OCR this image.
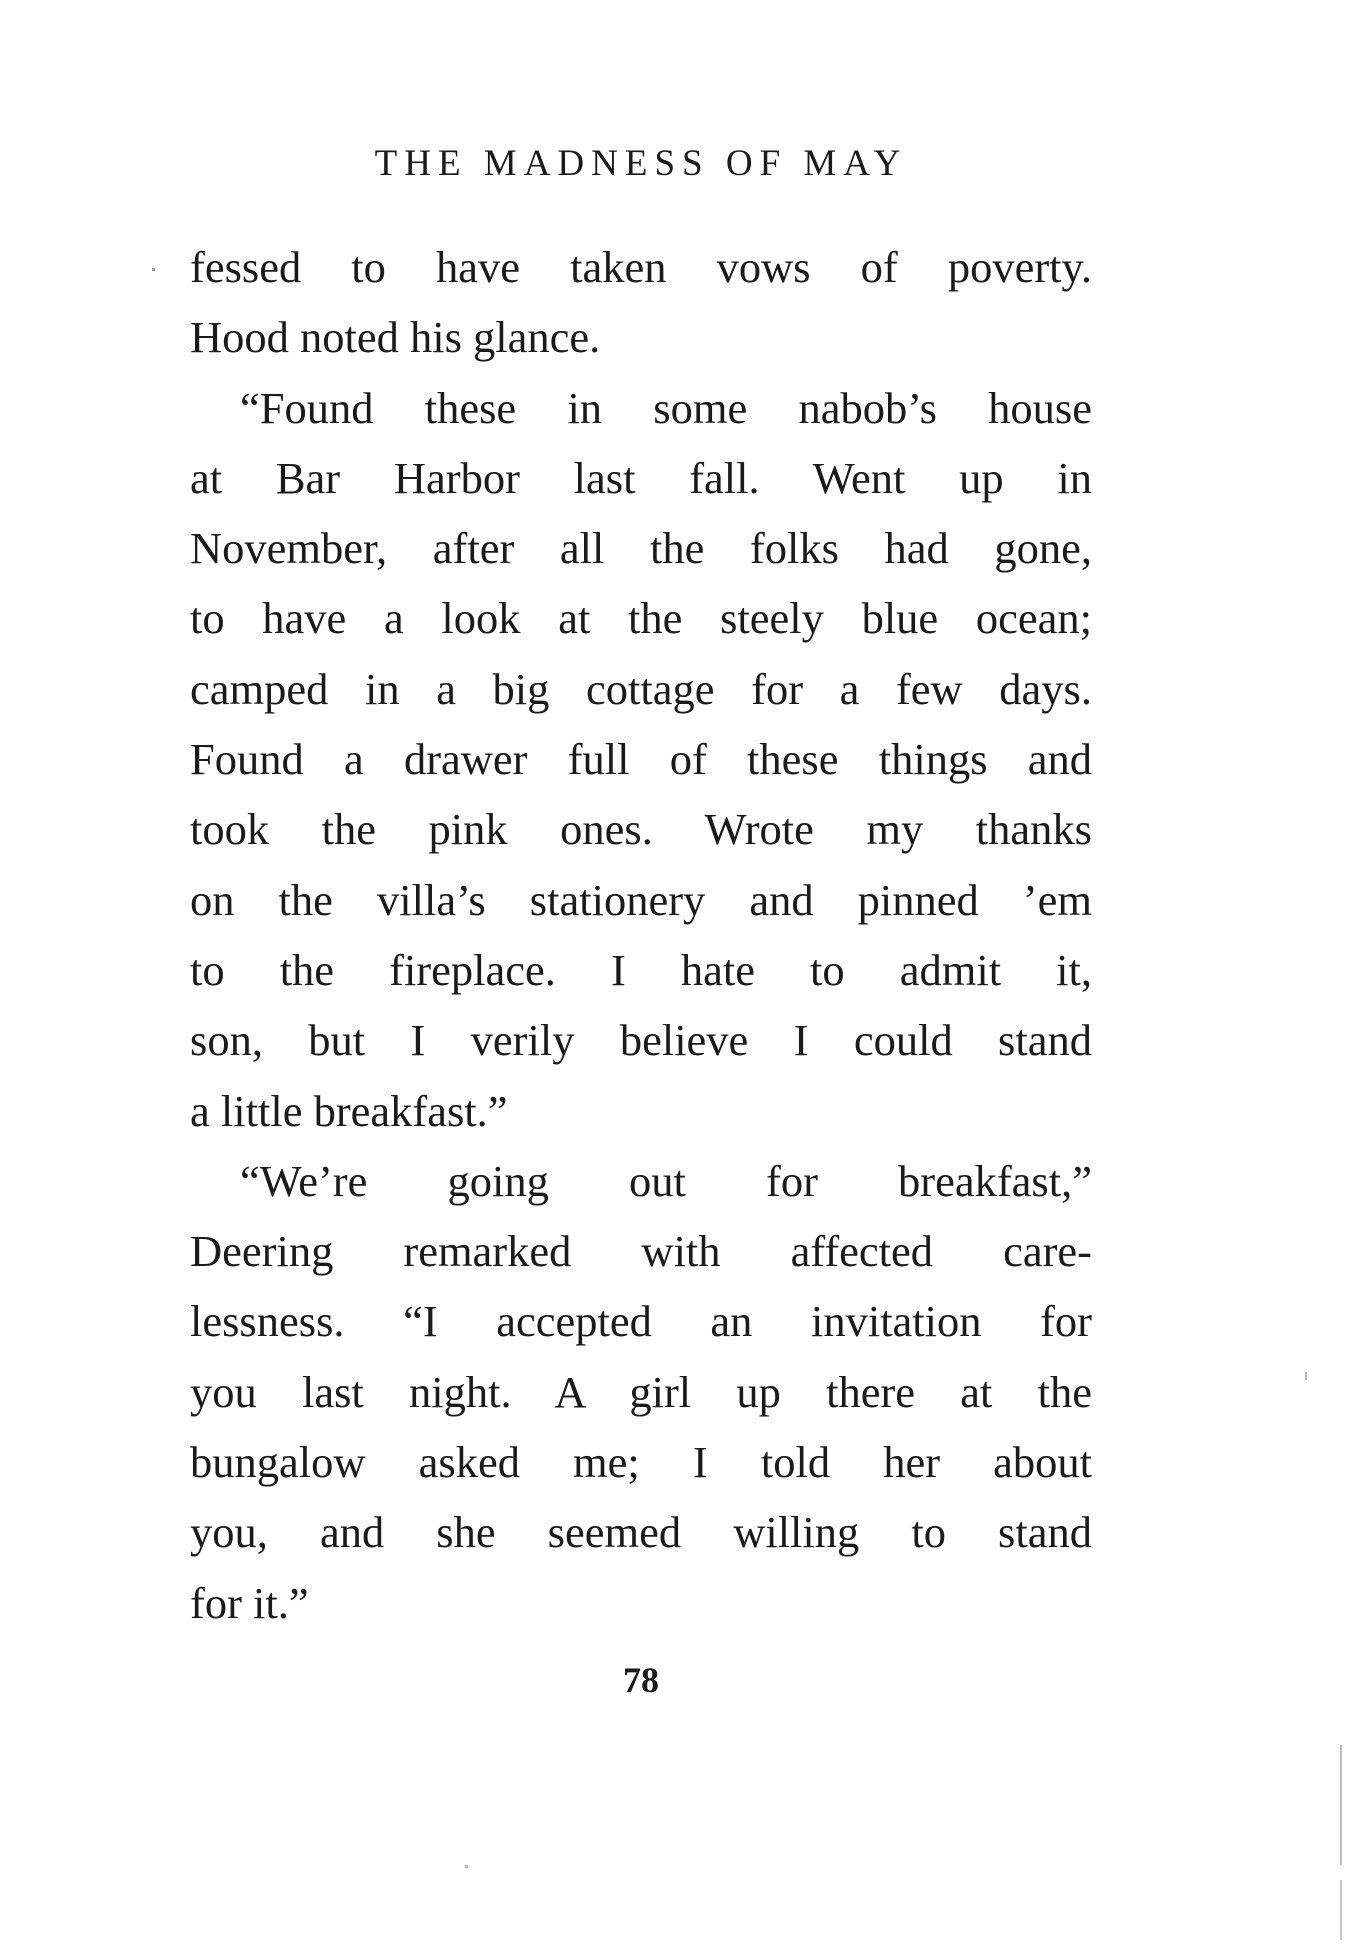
THE MADNESS OF MAY
fessed to have taken vows of poverty.
Hood noted his glance.
“Found these in some nabob’s house
at Bar Harbor last fall. Went up in
November, after all the folks had gone,
to have a look at the steely blue ocean;
camped in a big cottage for a few days.
Found a drawer full of these things and
took the pink ones. Wrote my thanks
on the villa’s stationery and pinned ’em
to the fireplace. I hate to admit it,
son, but I verily believe I could stand
a little breakfast.”
“We’re going out for breakfast,”
Deering remarked with affected care-
lessness. “I accepted an invitation for
you last night. A girl up there at the
bungalow asked me; I told her about
you, and she seemed willing to stand
for it.”
78
